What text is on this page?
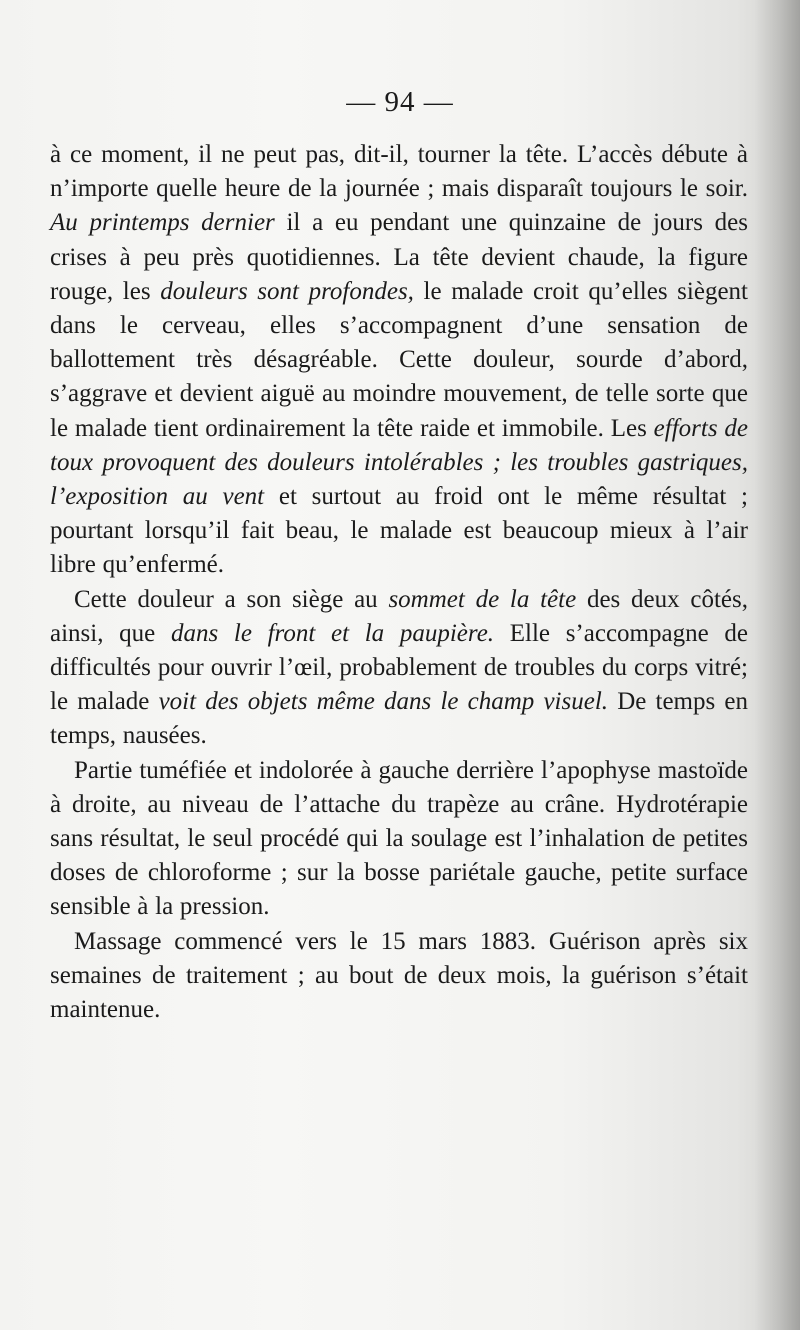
— 94 —

à ce moment, il ne peut pas, dit-il, tourner la tête. L’accès débute à n’importe quelle heure de la journée ; mais disparaît toujours le soir. Au printemps dernier il a eu pendant une quinzaine de jours des crises à peu près quotidiennes. La tête devient chaude, la figure rouge, les douleurs sont profondes, le malade croit qu’elles siègent dans le cerveau, elles s’accompagnent d’une sensation de ballottement très désagréable. Cette douleur, sourde d’abord, s’aggrave et devient aiguë au moindre mouvement, de telle sorte que le malade tient ordinairement la tête raide et immobile. Les efforts de toux provoquent des douleurs intolérables ; les troubles gastriques, l’exposition au vent et surtout au froid ont le même résultat ; pourtant lorsqu’il fait beau, le malade est beaucoup mieux à l’air libre qu’enfermé.

Cette douleur a son siège au sommet de la tête des deux côtés, ainsi, que dans le front et la paupière. Elle s’accompagne de difficultés pour ouvrir l’œil, probablement de troubles du corps vitré; le malade voit des objets même dans le champ visuel. De temps en temps, nausées.

Partie tuméfiée et indolorée à gauche derrière l’apophyse mastoïde à droite, au niveau de l’attache du trapèze au crâne. Hydrotérapie sans résultat, le seul procédé qui la soulage est l’inhalation de petites doses de chloroforme ; sur la bosse pariétale gauche, petite surface sensible à la pression.

Massage commencé vers le 15 mars 1883. Guérison après six semaines de traitement ; au bout de deux mois, la guérison s’était maintenue.
